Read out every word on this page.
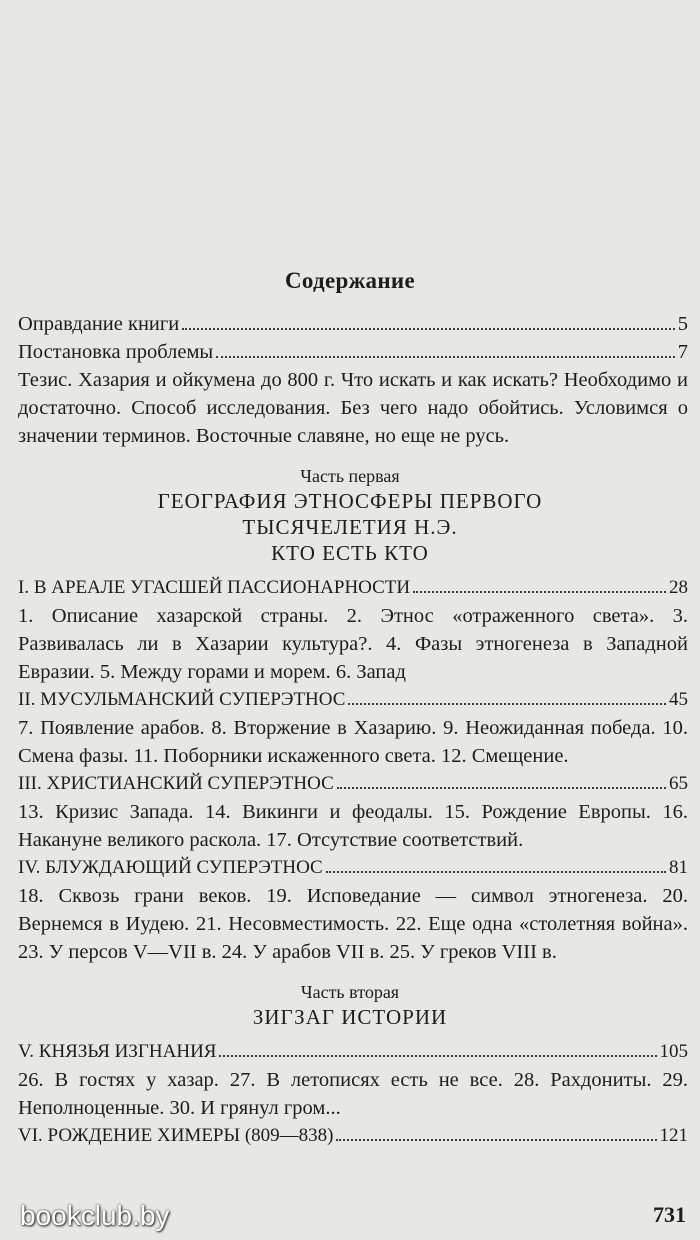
Содержание
Оправдание книги	5
Постановка проблемы	7
Тезис. Хазария и ойкумена до 800 г. Что искать и как искать? Необходимо и достаточно. Способ исследования. Без чего надо обойтись. Условимся о значении терминов. Восточные славяне, но еще не русь.
Часть первая
ГЕОГРАФИЯ ЭТНОСФЕРЫ ПЕРВОГО
ТЫСЯЧЕЛЕТИЯ Н.Э.
КТО ЕСТЬ КТО
I. В АРЕАЛЕ УГАСШЕЙ ПАССИОНАРНОСТИ	28
1. Описание хазарской страны. 2. Этнос «отраженного света». 3. Развивалась ли в Хазарии культура?. 4. Фазы этногенеза в Западной Евразии. 5. Между горами и морем. 6. Запад
II. МУСУЛЬМАНСКИЙ СУПЕРЭТНОС	45
7. Появление арабов. 8. Вторжение в Хазарию. 9. Неожиданная победа. 10. Смена фазы. 11. Поборники искаженного света. 12. Смещение.
III. ХРИСТИАНСКИЙ СУПЕРЭТНОС	65
13. Кризис Запада. 14. Викинги и феодалы. 15. Рождение Европы. 16. Накануне великого раскола. 17. Отсутствие соответствий.
IV. БЛУЖДАЮЩИЙ СУПЕРЭТНОС	81
18. Сквозь грани веков. 19. Исповедание — символ этногенеза. 20. Вернемся в Иудею. 21. Несовместимость. 22. Еще одна «столетняя война». 23. У персов V—VII в. 24. У арабов VII в. 25. У греков VIII в.
Часть вторая
ЗИГЗАГ ИСТОРИИ
V. КНЯЗЬЯ ИЗГНАНИЯ	105
26. В гостях у хазар. 27. В летописях есть не все. 28. Рахдониты. 29. Неполноценные. 30. И грянул гром...
VI. РОЖДЕНИЕ ХИМЕРЫ (809—838)	121
bookclub.by	731
